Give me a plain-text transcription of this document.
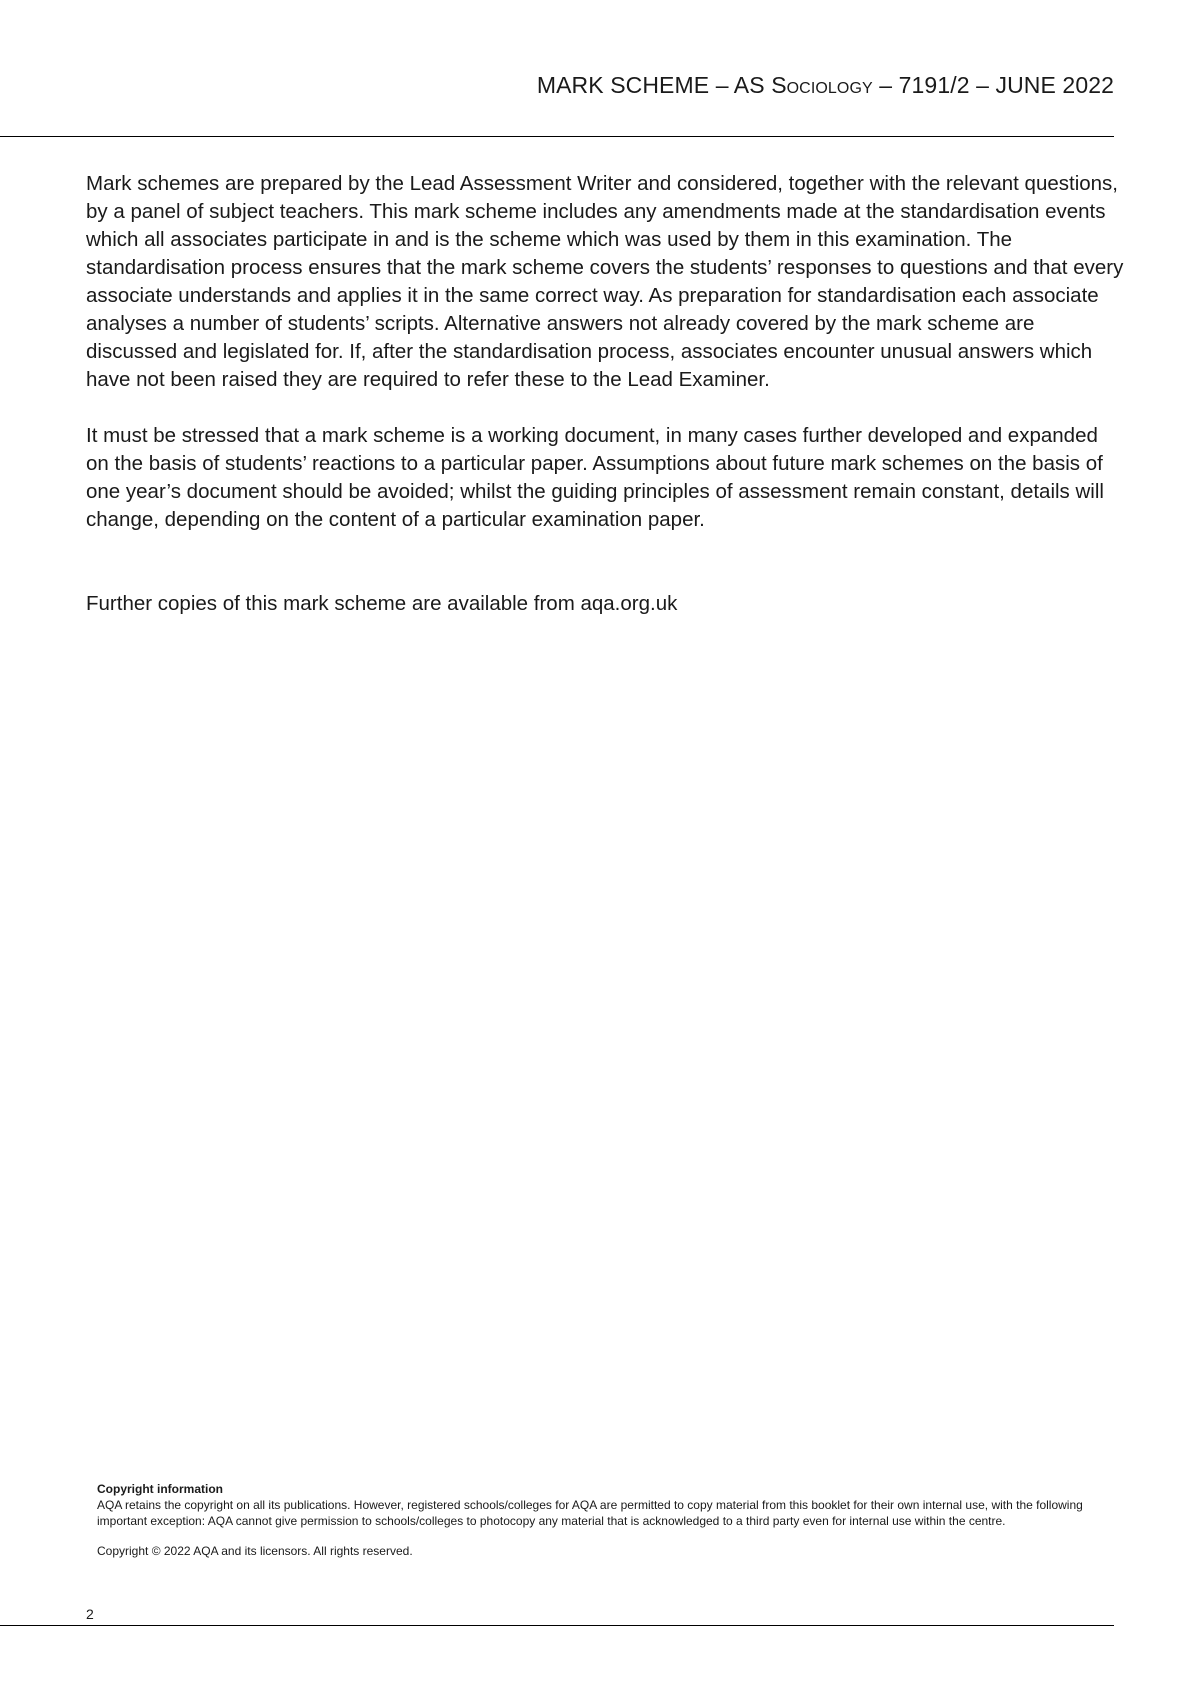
MARK SCHEME – AS Sociology – 7191/2 – JUNE 2022

Mark schemes are prepared by the Lead Assessment Writer and considered, together with the relevant questions, by a panel of subject teachers. This mark scheme includes any amendments made at the standardisation events which all associates participate in and is the scheme which was used by them in this examination. The standardisation process ensures that the mark scheme covers the students’ responses to questions and that every associate understands and applies it in the same correct way. As preparation for standardisation each associate analyses a number of students’ scripts. Alternative answers not already covered by the mark scheme are discussed and legislated for. If, after the standardisation process, associates encounter unusual answers which have not been raised they are required to refer these to the Lead Examiner.

It must be stressed that a mark scheme is a working document, in many cases further developed and expanded on the basis of students’ reactions to a particular paper. Assumptions about future mark schemes on the basis of one year’s document should be avoided; whilst the guiding principles of assessment remain constant, details will change, depending on the content of a particular examination paper.

Further copies of this mark scheme are available from aqa.org.uk

Copyright information

AQA retains the copyright on all its publications. However, registered schools/colleges for AQA are permitted to copy material from this booklet for their own internal use, with the following important exception: AQA cannot give permission to schools/colleges to photocopy any material that is acknowledged to a third party even for internal use within the centre.

Copyright © 2022 AQA and its licensors. All rights reserved.
2
